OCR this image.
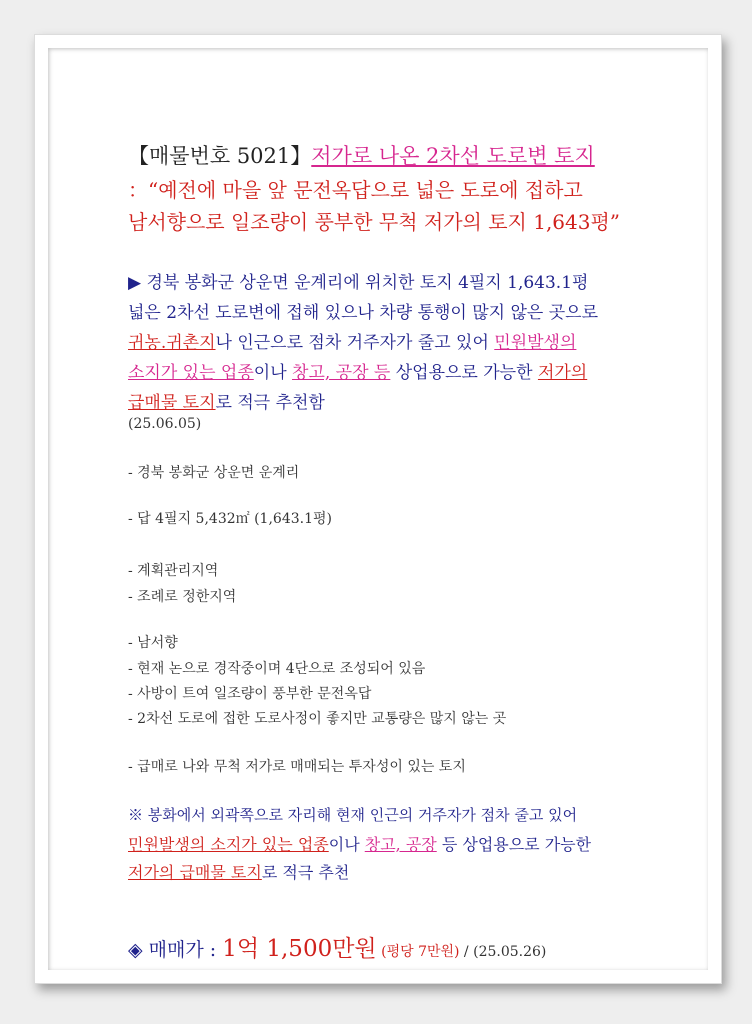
【매물번호 5021】저가로 나온 2차선 도로변 토지
：“예전에 마을 앞 문전옥답으로 넓은 도로에 접하고
남서향으로 일조량이 풍부한 무척 저가의 토지 1,643평”
▶ 경북 봉화군 상운면 운계리에 위치한 토지 4필지 1,643.1평
넓은 2차선 도로변에 접해 있으나 차량 통행이 많지 않은 곳으로
귀농.귀촌지나 인근으로 점차 거주자가 줄고 있어 민원발생의
소지가 있는 업종이나 창고, 공장 등 상업용으로 가능한 저가의
급매물 토지로 적극 추천함
(25.06.05)
- 경북 봉화군 상운면 운계리
- 답 4필지 5,432㎡ (1,643.1평)
- 계획관리지역
- 조례로 정한지역
- 남서향
- 현재 논으로 경작중이며 4단으로 조성되어 있음
- 사방이 트여 일조량이 풍부한 문전옥답
- 2차선 도로에 접한 도로사정이 좋지만 교통량은 많지 않는 곳
- 급매로 나와 무척 저가로 매매되는 투자성이 있는 토지
※ 봉화에서 외곽쪽으로 자리해 현재 인근의 거주자가 점차 줄고 있어
민원발생의 소지가 있는 업종이나 창고, 공장 등 상업용으로 가능한
저가의 급매물 토지로 적극 추천
◈ 매매가 : 1억 1,500만원 (평당 7만원) / (25.05.26)
